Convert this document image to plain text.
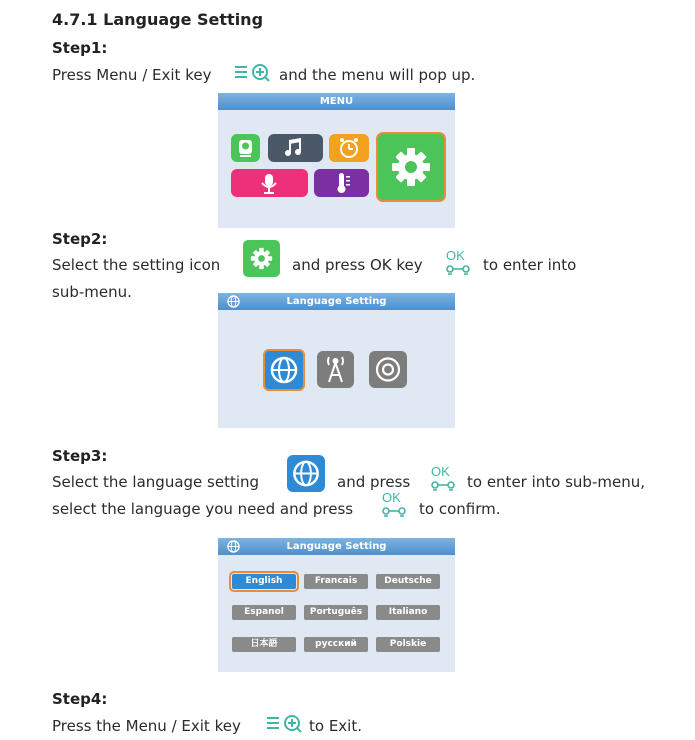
4.7.1 Language Setting
Step1:
Press Menu / Exit key	and the menu will pop up.
MENU
Step2:
Select the setting icon	and press OK key
OK
to enter into
sub-menu.
Language Setting
Step3:
Select the language setting	and press
OK
to enter into sub-menu,
select the language you need and press
OK
to confirm.
Language Setting
English	Francais	Deutsche
Espanol	Português	Italiano
日本語	русский	Polskie
Step4:
Press the Menu / Exit key	to Exit.
